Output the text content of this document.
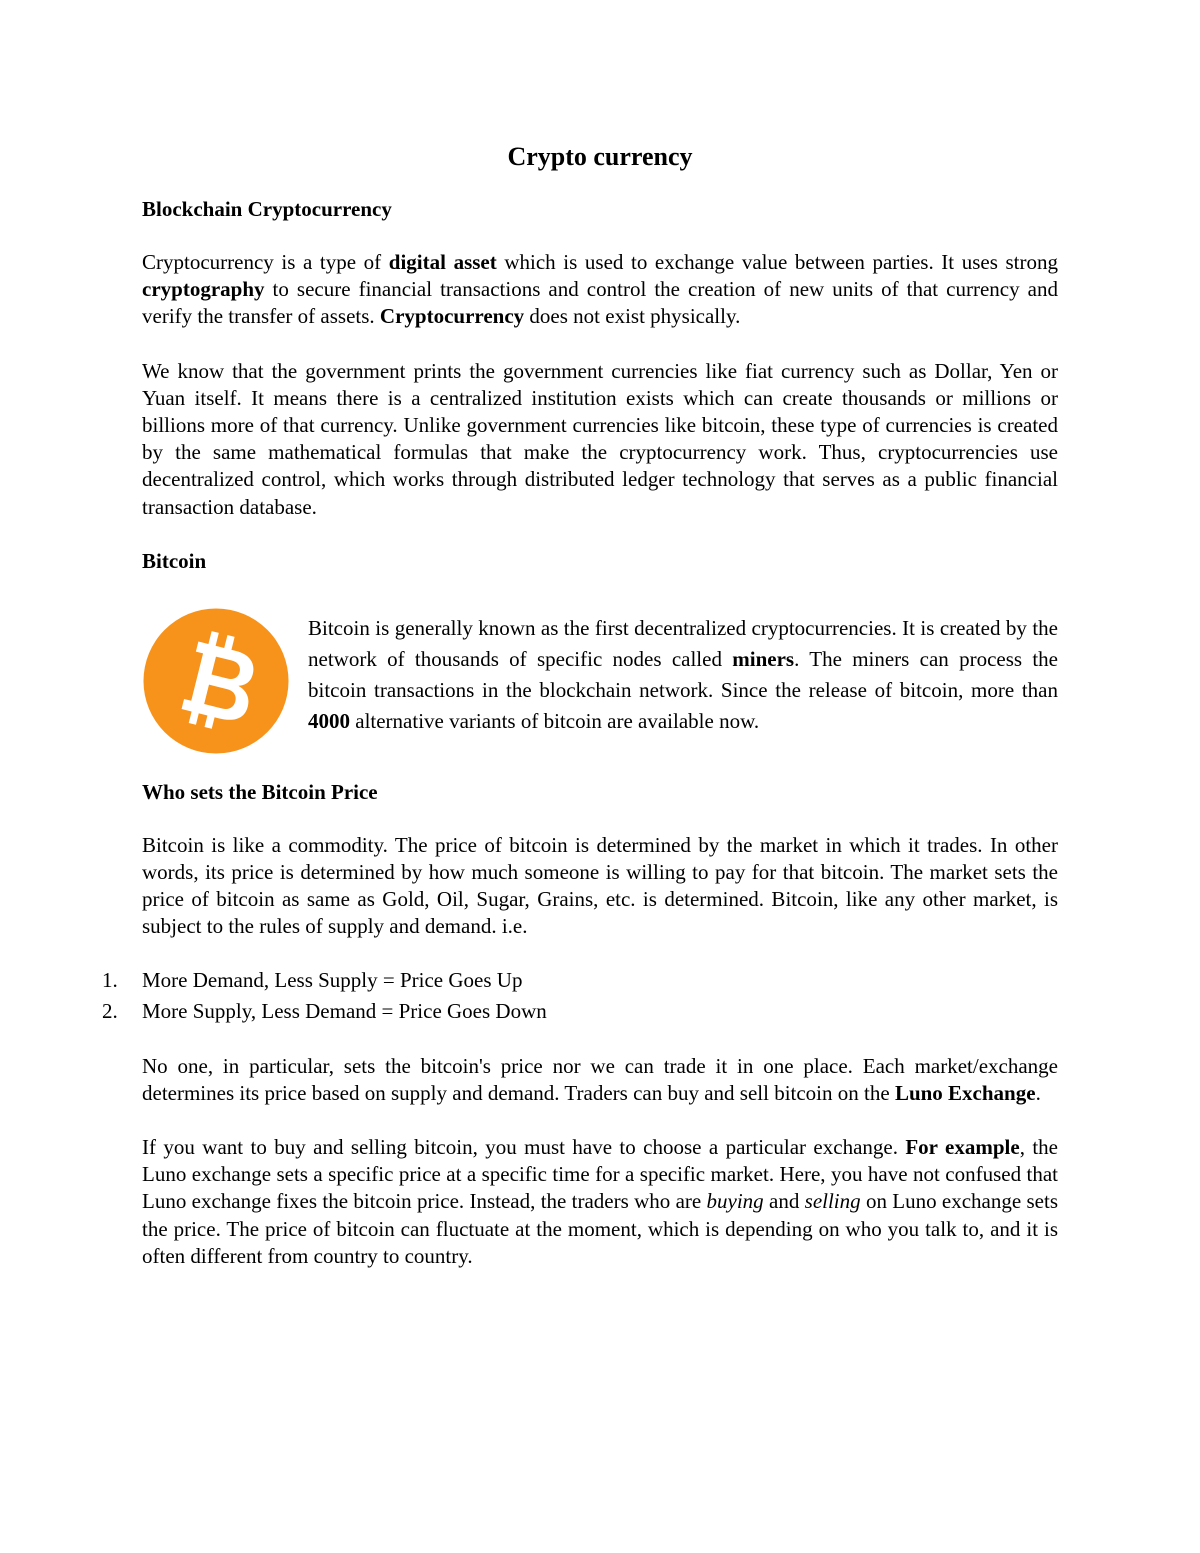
Crypto currency
Blockchain Cryptocurrency

Cryptocurrency is a type of digital asset which is used to exchange value between parties. It uses strong cryptography to secure financial transactions and control the creation of new units of that currency and verify the transfer of assets. Cryptocurrency does not exist physically.

We know that the government prints the government currencies like fiat currency such as Dollar, Yen or Yuan itself. It means there is a centralized institution exists which can create thousands or millions or billions more of that currency. Unlike government currencies like bitcoin, these type of currencies is created by the same mathematical formulas that make the cryptocurrency work. Thus, cryptocurrencies use decentralized control, which works through distributed ledger technology that serves as a public financial transaction database.

Bitcoin

Bitcoin is generally known as the first decentralized cryptocurrencies. It is created by the network of thousands of specific nodes called miners. The miners can process the bitcoin transactions in the blockchain network. Since the release of bitcoin, more than 4000 alternative variants of bitcoin are available now.

Who sets the Bitcoin Price

Bitcoin is like a commodity. The price of bitcoin is determined by the market in which it trades. In other words, its price is determined by how much someone is willing to pay for that bitcoin. The market sets the price of bitcoin as same as Gold, Oil, Sugar, Grains, etc. is determined. Bitcoin, like any other market, is subject to the rules of supply and demand. i.e.

1.	More Demand, Less Supply = Price Goes Up
2.	More Supply, Less Demand = Price Goes Down

No one, in particular, sets the bitcoin's price nor we can trade it in one place. Each market/exchange determines its price based on supply and demand. Traders can buy and sell bitcoin on the Luno Exchange.

If you want to buy and selling bitcoin, you must have to choose a particular exchange. For example, the Luno exchange sets a specific price at a specific time for a specific market. Here, you have not confused that Luno exchange fixes the bitcoin price. Instead, the traders who are buying and selling on Luno exchange sets the price. The price of bitcoin can fluctuate at the moment, which is depending on who you talk to, and it is often different from country to country.
